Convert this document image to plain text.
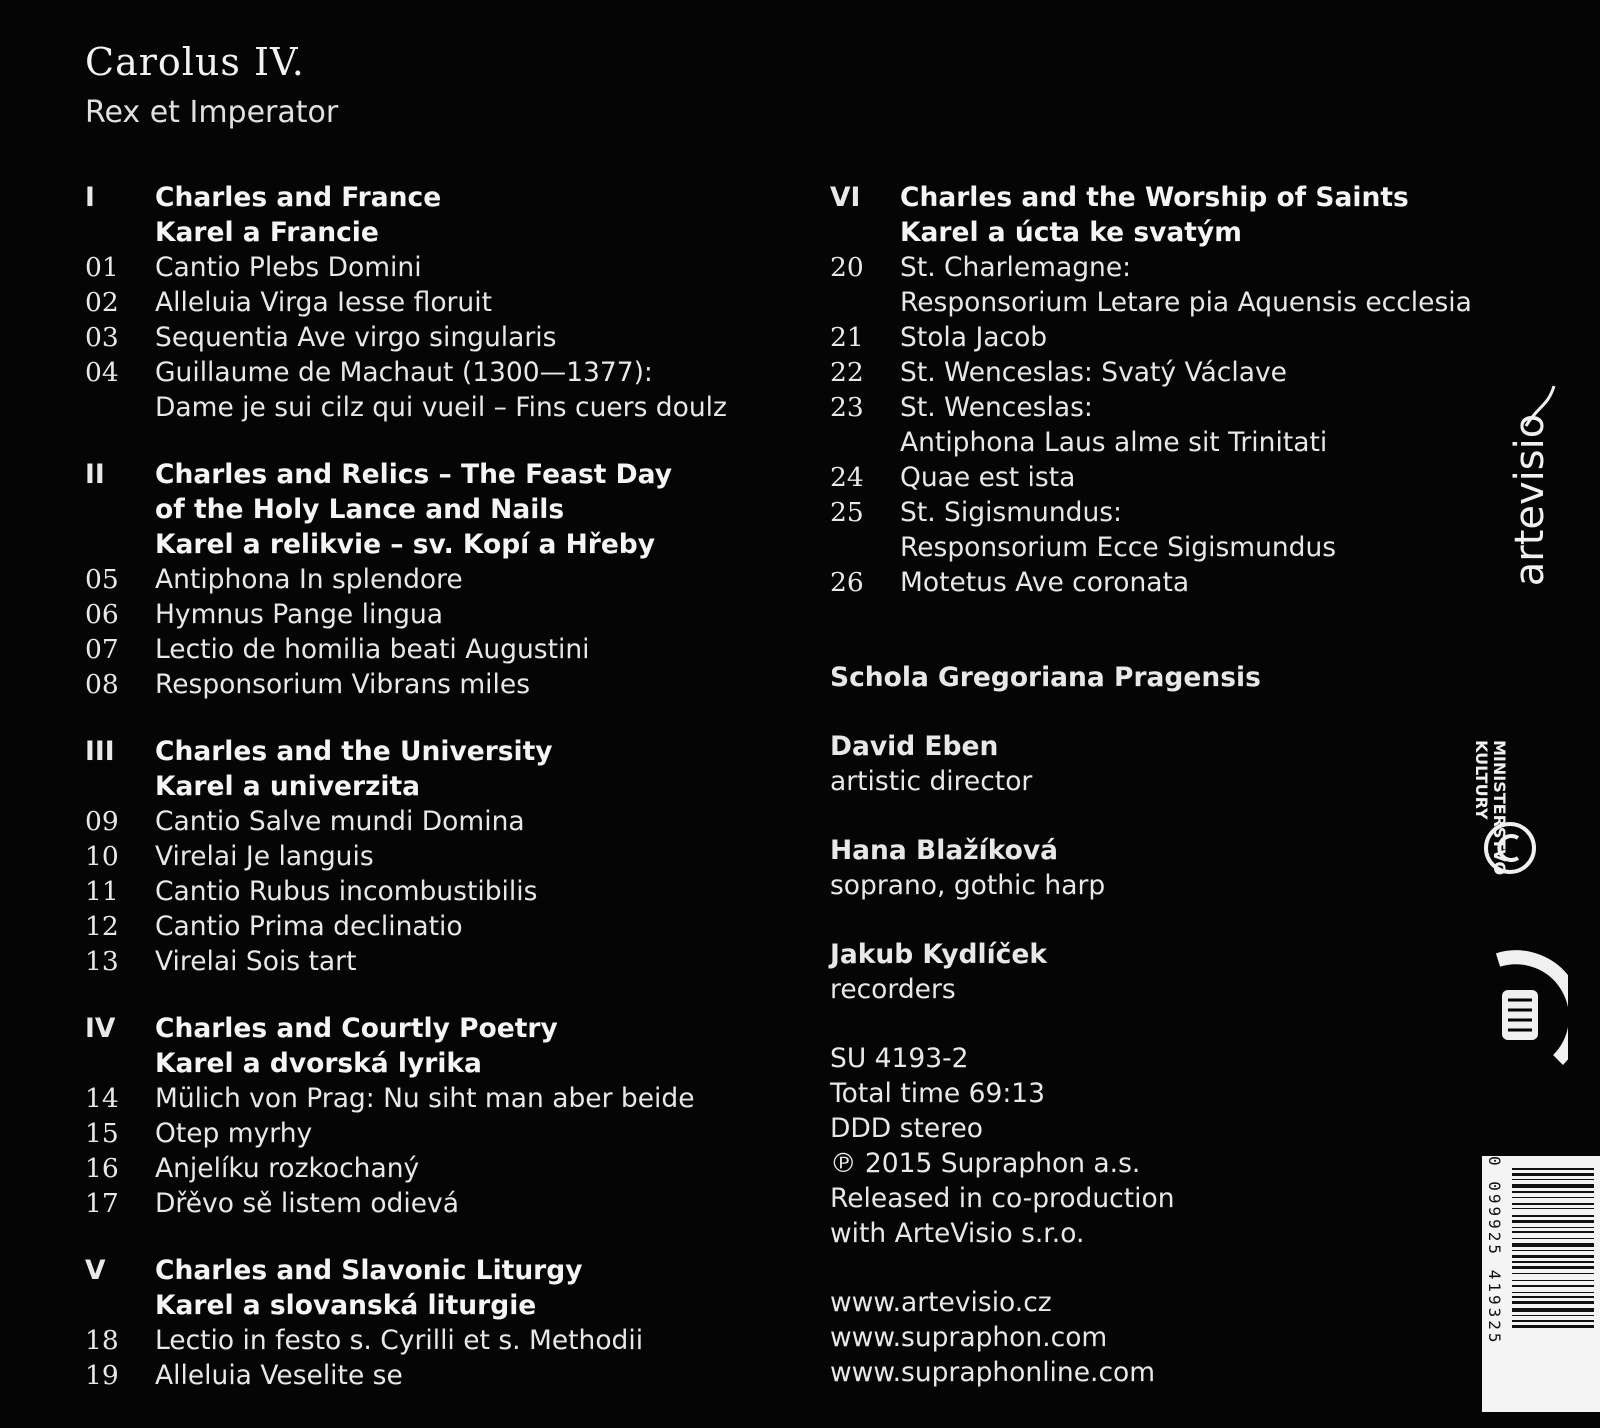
Carolus IV.
Rex et Imperator
I	Charles and France
Karel a Francie
01	Cantio Plebs Domini
02	Alleluia Virga Iesse floruit
03	Sequentia Ave virgo singularis
04	Guillaume de Machaut (1300—1377):
Dame je sui cilz qui vueil – Fins cuers doulz
II	Charles and Relics – The Feast Day
of the Holy Lance and Nails
Karel a relikvie – sv. Kopí a Hřeby
05	Antiphona In splendore
06	Hymnus Pange lingua
07	Lectio de homilia beati Augustini
08	Responsorium Vibrans miles
III	Charles and the University
Karel a univerzita
09	Cantio Salve mundi Domina
10	Virelai Je languis
11	Cantio Rubus incombustibilis
12	Cantio Prima declinatio
13	Virelai Sois tart
IV	Charles and Courtly Poetry
Karel a dvorská lyrika
14	Mülich von Prag: Nu siht man aber beide
15	Otep myrhy
16	Anjelíku rozkochaný
17	Dřěvo sě listem odievá
V	Charles and Slavonic Liturgy
Karel a slovanská liturgie
18	Lectio in festo s. Cyrilli et s. Methodii
19	Alleluia Veselite se
VI	Charles and the Worship of Saints
Karel a úcta ke svatým
20	St. Charlemagne:
Responsorium Letare pia Aquensis ecclesia
21	Stola Jacob
22	St. Wenceslas: Svatý Václave
23	St. Wenceslas:
Antiphona Laus alme sit Trinitati
24	Quae est ista
25	St. Sigismundus:
Responsorium Ecce Sigismundus
26	Motetus Ave coronata
Schola Gregoriana Pragensis
David Eben
artistic director
Hana Blažíková
soprano, gothic harp
Jakub Kydlíček
recorders
SU 4193-2
Total time 69:13
DDD stereo
℗ 2015 Supraphon a.s.
Released in co-production
with ArteVisio s.r.o.
www.artevisio.cz
www.supraphon.com
www.supraphonline.com
artevisio
MINISTERSTVO
KULTURY
0 099925 419325
